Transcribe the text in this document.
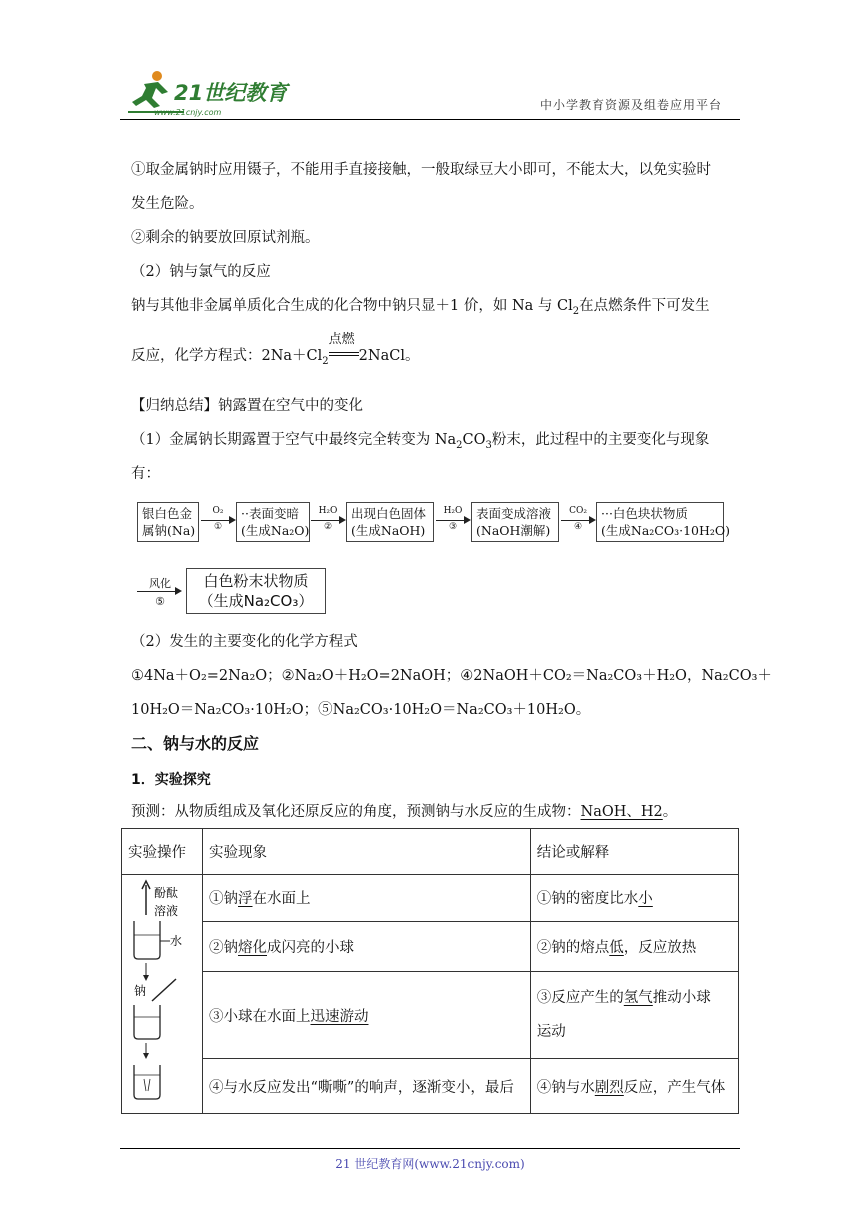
21世纪教育
www.21cnjy.com
中小学教育资源及组卷应用平台
①取金属钠时应用镊子，不能用手直接接触，一般取绿豆大小即可，不能太大，以免实验时
发生危险。
②剩余的钠要放回原试剂瓶。
（2）钠与氯气的反应
钠与其他非金属单质化合生成的化合物中钠只显＋1 价，如 Na 与 $Cl_2$在点燃条件下可发生
反应，化学方程式：$2Na+Cl_2$
点燃
2NaCl。
【归纳总结】钠露置在空气中的变化
（1）金属钠长期露置于空气中最终完全转变为 $Na_2CO_3$粉末，此过程中的主要变化与现象
有：
银白色金
属钠(Na)
O₂
①
··表面变暗
(生成Na₂O)
H₂O
②
出现白色固体
(生成NaOH)
H₂O
③
表面变成溶液
(NaOH潮解)
CO₂
④
···白色块状物质
(生成Na₂CO₃·10H₂O)
风化
⑤
白色粉末状物质
（生成Na₂CO₃）
（2）发生的主要变化的化学方程式
①4Na＋O₂=2Na₂O；②Na₂O＋H₂O=2NaOH；④2NaOH＋CO₂＝Na₂CO₃＋H₂O，Na₂CO₃＋
10H₂O＝Na₂CO₃·10H₂O；⑤Na₂CO₃·10H₂O＝Na₂CO₃＋10H₂O。
二、钠与水的反应
1．实验探究
预测：从物质组成及氧化还原反应的角度，预测钠与水反应的生成物：NaOH、H2。
实验操作	实验现象	结论或解释

酚酞
溶液
水
钠	①钠浮在水面上	①钠的密度比水小
	②钠熔化成闪亮的小球	②钠的熔点低，反应放热
	③小球在水面上迅速游动	③反应产生的氢气推动小球
运动
	④与水反应发出“嘶嘶”的响声，逐渐变小，最后	④钠与水剧烈反应，产生气体
21 世纪教育网(www.21cnjy.com)
